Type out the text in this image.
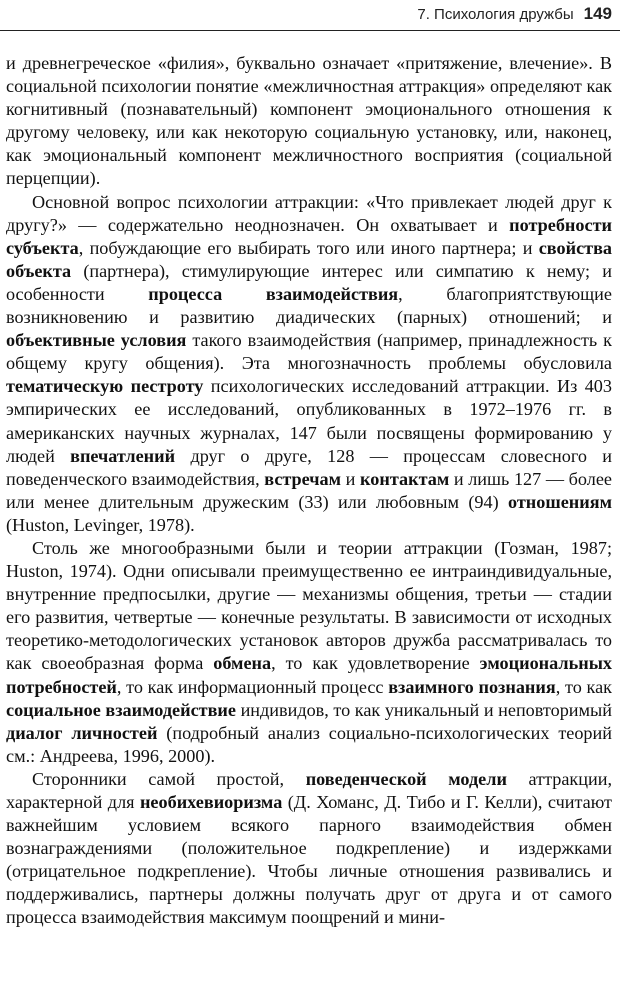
7. Психология дружбы 149

и древнегреческое «филия», буквально означает «притяжение, влечение». В социальной психологии понятие «межличностная аттракция» определяют как когнитивный (познавательный) компонент эмоционального отношения к другому человеку, или как некоторую социальную установку, или, наконец, как эмоциональный компонент межличностного восприятия (социальной перцепции).

Основной вопрос психологии аттракции: «Что привлекает людей друг к другу?» — содержательно неоднозначен. Он охватывает и потребности субъекта, побуждающие его выбирать того или иного партнера; и свойства объекта (партнера), стимулирующие интерес или симпатию к нему; и особенности процесса взаимодействия, благоприятствующие возникновению и развитию диадических (парных) отношений; и объективные условия такого взаимодействия (например, принадлежность к общему кругу общения). Эта многозначность проблемы обусловила тематическую пестроту психологических исследований аттракции. Из 403 эмпирических ее исследований, опубликованных в 1972–1976 гг. в американских научных журналах, 147 были посвящены формированию у людей впечатлений друг о друге, 128 — процессам словесного и поведенческого взаимодействия, встречам и контактам и лишь 127 — более или менее длительным дружеским (33) или любовным (94) отношениям (Huston, Levinger, 1978).

Столь же многообразными были и теории аттракции (Гозман, 1987; Huston, 1974). Одни описывали преимущественно ее интраиндивидуальные, внутренние предпосылки, другие — механизмы общения, третьи — стадии его развития, четвертые — конечные результаты. В зависимости от исходных теоретико-методологических установок авторов дружба рассматривалась то как своеобразная форма обмена, то как удовлетворение эмоциональных потребностей, то как информационный процесс взаимного познания, то как социальное взаимодействие индивидов, то как уникальный и неповторимый диалог личностей (подробный анализ социально-психологических теорий см.: Андреева, 1996, 2000).

Сторонники самой простой, поведенческой модели аттракции, характерной для необихевиоризма (Д. Хоманс, Д. Тибо и Г. Келли), считают важнейшим условием всякого парного взаимодействия обмен вознаграждениями (положительное подкрепление) и издержками (отрицательное подкрепление). Чтобы личные отношения развивались и поддерживались, партнеры должны получать друг от друга и от самого процесса взаимодействия максимум поощрений и мини-
